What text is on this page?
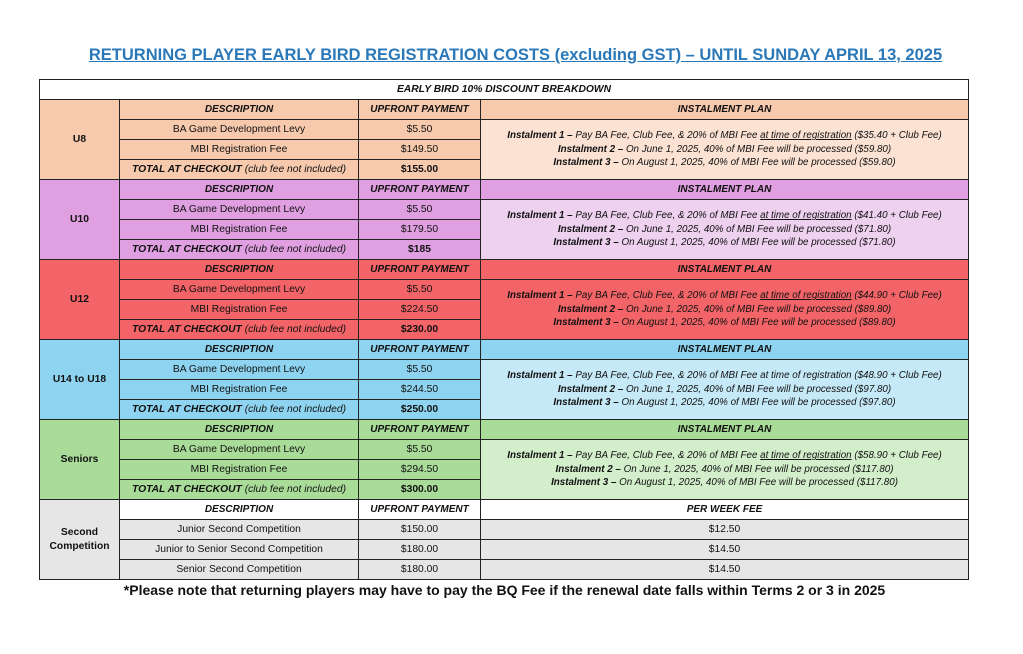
RETURNING PLAYER EARLY BIRD REGISTRATION COSTS (excluding GST) – UNTIL SUNDAY APRIL 13, 2025
EARLY BIRD 10% DISCOUNT BREAKDOWN			
U8	DESCRIPTION	UPFRONT PAYMENT	INSTALMENT PLAN
	BA Game Development Levy	$5.50	Instalment 1 – Pay BA Fee, Club Fee, & 20% of MBI Fee at time of registration ($35.40 + Club Fee)
Instalment 2 – On June 1, 2025, 40% of MBI Fee will be processed ($59.80)
Instalment 3 – On August 1, 2025, 40% of MBI Fee will be processed ($59.80)

	MBI Registration Fee	$149.50	
	TOTAL AT CHECKOUT (club fee not included)	$155.00	
U10	DESCRIPTION	UPFRONT PAYMENT	INSTALMENT PLAN
	BA Game Development Levy	$5.50	Instalment 1 – Pay BA Fee, Club Fee, & 20% of MBI Fee at time of registration ($41.40 + Club Fee)
Instalment 2 – On June 1, 2025, 40% of MBI Fee will be processed ($71.80)
Instalment 3 – On August 1, 2025, 40% of MBI Fee will be processed ($71.80)

	MBI Registration Fee	$179.50	
	TOTAL AT CHECKOUT (club fee not included)	$185	
U12	DESCRIPTION	UPFRONT PAYMENT	INSTALMENT PLAN
	BA Game Development Levy	$5.50	Instalment 1 – Pay BA Fee, Club Fee, & 20% of MBI Fee at time of registration ($44.90 + Club Fee)
Instalment 2 – On June 1, 2025, 40% of MBI Fee will be processed ($89.80)
Instalment 3 – On August 1, 2025, 40% of MBI Fee will be processed ($89.80)

	MBI Registration Fee	$224.50	
	TOTAL AT CHECKOUT (club fee not included)	$230.00	
U14 to U18	DESCRIPTION	UPFRONT PAYMENT	INSTALMENT PLAN
	BA Game Development Levy	$5.50	Instalment 1 – Pay BA Fee, Club Fee, & 20% of MBI Fee at time of registration ($48.90 + Club Fee)
Instalment 2 – On June 1, 2025, 40% of MBI Fee will be processed ($97.80)
Instalment 3 – On August 1, 2025, 40% of MBI Fee will be processed ($97.80)

	MBI Registration Fee	$244.50	
	TOTAL AT CHECKOUT (club fee not included)	$250.00	
Seniors	DESCRIPTION	UPFRONT PAYMENT	INSTALMENT PLAN
	BA Game Development Levy	$5.50	Instalment 1 – Pay BA Fee, Club Fee, & 20% of MBI Fee at time of registration ($58.90 + Club Fee)
Instalment 2 – On June 1, 2025, 40% of MBI Fee will be processed ($117.80)
Instalment 3 – On August 1, 2025, 40% of MBI Fee will be processed ($117.80)

	MBI Registration Fee	$294.50	
	TOTAL AT CHECKOUT (club fee not included)	$300.00	
Second Competition	DESCRIPTION	UPFRONT PAYMENT	PER WEEK FEE
	Junior Second Competition	$150.00	$12.50
	Junior to Senior Second Competition	$180.00	$14.50
	Senior Second Competition	$180.00	$14.50
*Please note that returning players may have to pay the BQ Fee if the renewal date falls within Terms 2 or 3 in 2025
